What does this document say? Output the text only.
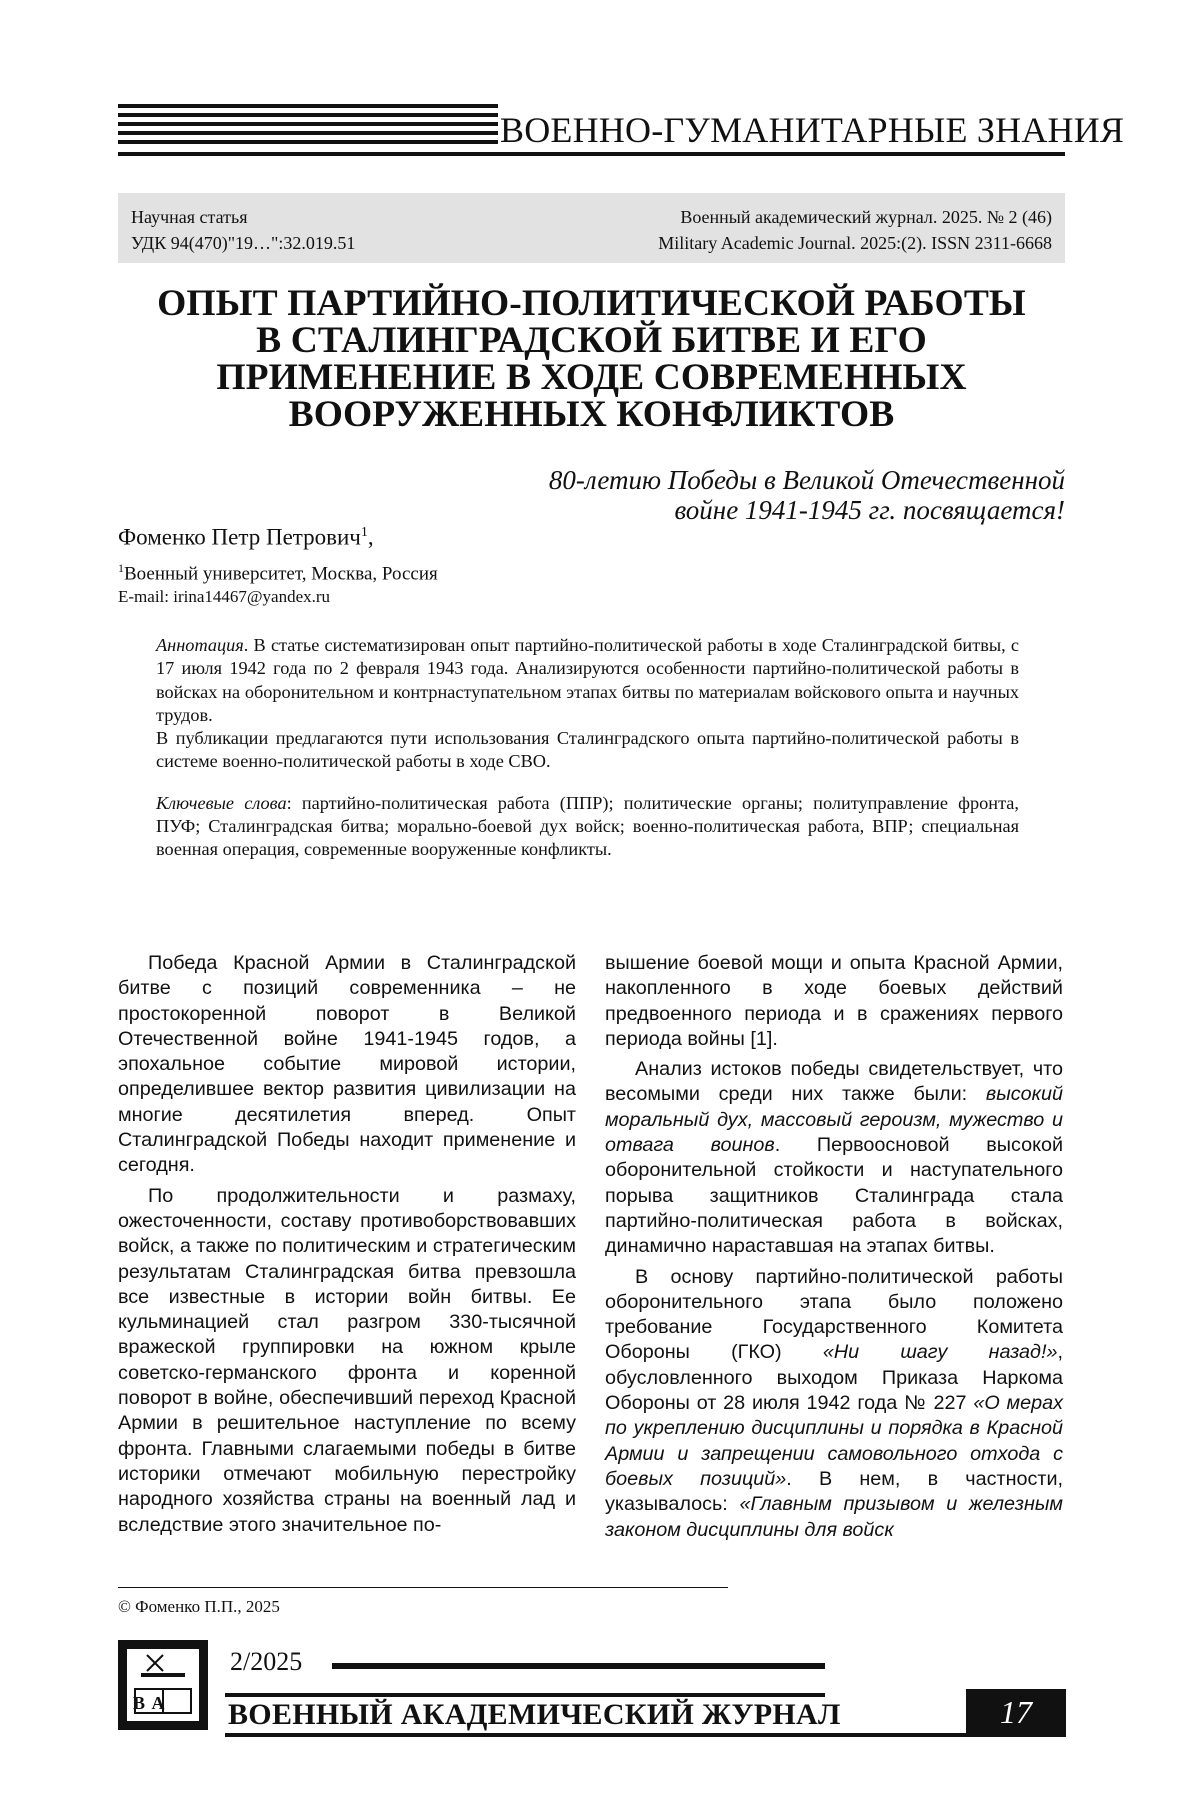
ВОЕННО-ГУМАНИТАРНЫЕ ЗНАНИЯ
Научная статья
УДК 94(470)"19…":32.019.51
Военный академический журнал. 2025. № 2 (46)
Military Academic Journal. 2025:(2). ISSN 2311-6668
ОПЫТ ПАРТИЙНО-ПОЛИТИЧЕСКОЙ РАБОТЫ
В СТАЛИНГРАДСКОЙ БИТВЕ И ЕГО
ПРИМЕНЕНИЕ В ХОДЕ СОВРЕМЕННЫХ
ВООРУЖЕННЫХ КОНФЛИКТОВ
80-летию Победы в Великой Отечественной
войне 1941-1945 гг. посвящается!
Фоменко Петр Петрович$^1$,
$^1$Военный университет, Москва, Россия
E-mail: irina14467@yandex.ru

Аннотация. В статье систематизирован опыт партийно-политической работы в ходе Сталинградской битвы, с 17 июля 1942 года по 2 февраля 1943 года. Анализируются особенности партийно-политической работы в войсках на оборонительном и контрнаступательном этапах битвы по материалам войскового опыта и научных трудов.

В публикации предлагаются пути использования Сталинградского опыта партийно-политической работы в системе военно-политической работы в ходе СВО.

Ключевые слова: партийно-политическая работа (ППР); политические органы; политуправление фронта, ПУФ; Сталинградская битва; морально-боевой дух войск; военно-политическая работа, ВПР; специальная военная операция, современные вооруженные конфликты.

Победа Красной Армии в Сталинградской битве с позиций современника – не простокоренной поворот в Великой Отечественной войне 1941-1945 годов, а эпохальное событие мировой истории, определившее вектор развития цивилизации на многие десятилетия вперед. Опыт Сталинградской Победы находит применение и сегодня.

По продолжительности и размаху, ожесточенности, составу противоборствовавших войск, а также по политическим и стратегическим результатам Сталинградская битва превзошла все известные в истории войн битвы. Ее кульминацией стал разгром 330-тысячной вражеской группировки на южном крыле советско-германского фронта и коренной поворот в войне, обеспечивший переход Красной Армии в решительное наступление по всему фронта. Главными слагаемыми победы в битве историки отмечают мобильную перестройку народного хозяйства страны на военный лад и вследствие этого значительное по-

вышение боевой мощи и опыта Красной Армии, накопленного в ходе боевых действий предвоенного периода и в сражениях первого периода войны [1].

Анализ истоков победы свидетельствует, что весомыми среди них также были: высокий моральный дух, массовый героизм, мужество и отвага воинов. Первоосновой высокой оборонительной стойкости и наступательного порыва защитников Сталинграда стала партийно-политическая работа в войсках, динамично нараставшая на этапах битвы.

В основу партийно-политической работы оборонительного этапа было положено требование Государственного Комитета Обороны (ГКО) «Ни шагу назад!», обусловленного выходом Приказа Наркома Обороны от 28 июля 1942 года № 227 «О мерах по укреплению дисциплины и порядка в Красной Армии и запрещении самовольного отхода с боевых позиций». В нем, в частности, указывалось: «Главным призывом и железным законом дисциплины для войск

© Фоменко П.П., 2025
В А
2/2025
ВОЕННЫЙ АКАДЕМИЧЕСКИЙ ЖУРНАЛ	17
